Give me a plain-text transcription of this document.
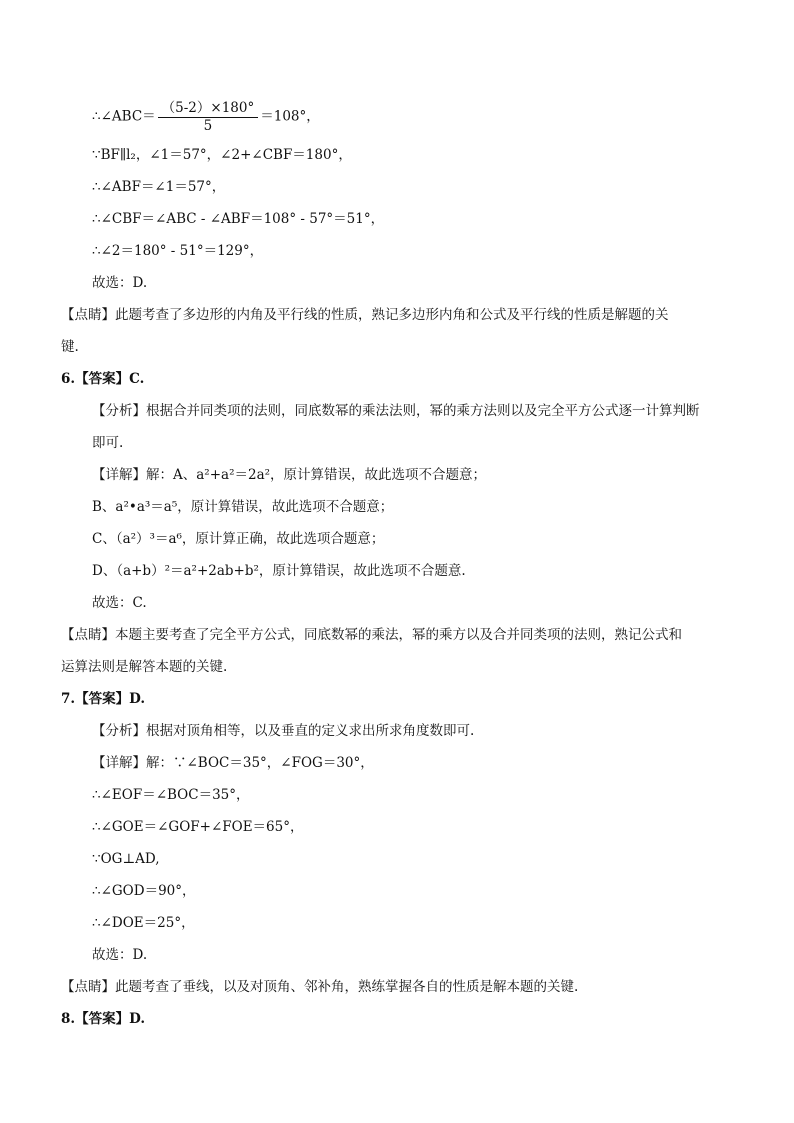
∴∠ABC＝ $\frac{(5-2)\times 180^\circ}{5} =108^\circ$，
∵BF∥l₂，∠1＝57°，∠2+∠CBF＝180°，
∴∠ABF＝∠1＝57°，
∴∠CBF＝∠ABC - ∠ABF＝108° - 57°＝51°，
∴∠2＝180° - 51°＝129°，
故选：D.
【点睛】此题考查了多边形的内角及平行线的性质，熟记多边形内角和公式及平行线的性质是解题的关
键.
6.【答案】C.
【分析】根据合并同类项的法则，同底数幂的乘法法则，幂的乘方法则以及完全平方公式逐一计算判断
即可.
【详解】解：A、a²+a²＝2a²，原计算错误，故此选项不合题意；
B、a²•a³＝a⁵，原计算错误，故此选项不合题意；
C、（a²）³＝a⁶，原计算正确，故此选项合题意；
D、（a+b）²＝a²+2ab+b²，原计算错误，故此选项不合题意.
故选：C.
【点睛】本题主要考查了完全平方公式，同底数幂的乘法，幂的乘方以及合并同类项的法则，熟记公式和
运算法则是解答本题的关键.
7.【答案】D.
【分析】根据对顶角相等，以及垂直的定义求出所求角度数即可.
【详解】解：∵∠BOC＝35°，∠FOG＝30°，
∴∠EOF＝∠BOC＝35°，
∴∠GOE＝∠GOF+∠FOE＝65°，
∵OG⊥AD,
∴∠GOD＝90°，
∴∠DOE＝25°，
故选：D.
【点睛】此题考查了垂线，以及对顶角、邻补角，熟练掌握各自的性质是解本题的关键.
8.【答案】D.
